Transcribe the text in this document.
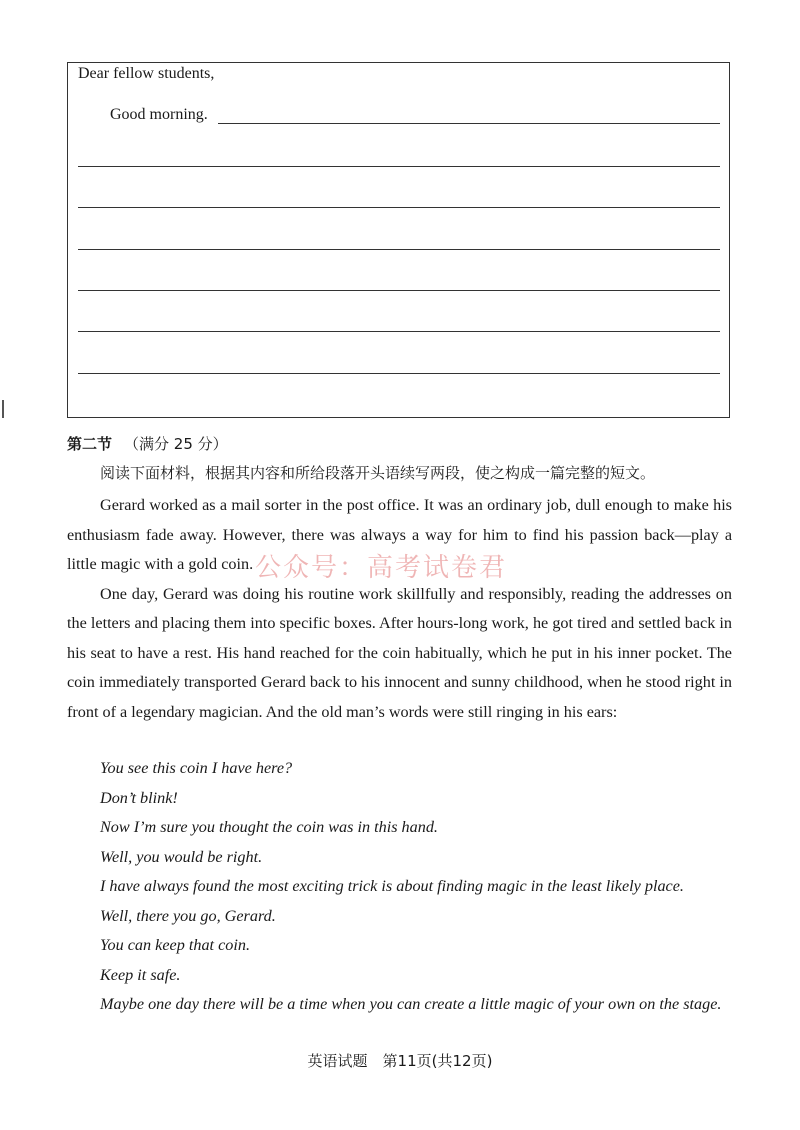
Dear fellow students,
Good morning.
第二节 （满分 25 分）
阅读下面材料，根据其内容和所给段落开头语续写两段，使之构成一篇完整的短文。

Gerard worked as a mail sorter in the post office. It was an ordinary job, dull enough to make his enthusiasm fade away. However, there was always a way for him to find his passion back—play a little magic with a gold coin.

One day, Gerard was doing his routine work skillfully and responsibly, reading the addresses on the letters and placing them into specific boxes. After hours-long work, he got tired and settled back in his seat to have a rest. His hand reached for the coin habitually, which he put in his inner pocket. The coin immediately transported Gerard back to his innocent and sunny childhood, when he stood right in front of a legendary magician. And the old man’s words were still ringing in his ears:

You see this coin I have here?

Don’t blink!

Now I’m sure you thought the coin was in this hand.

Well, you would be right.

I have always found the most exciting trick is about finding magic in the least likely place.

Well, there you go, Gerard.

You can keep that coin.

Keep it safe.

Maybe one day there will be a time when you can create a little magic of your own on the stage.

公众号：高考试卷君
英语试题　第11页(共12页)
